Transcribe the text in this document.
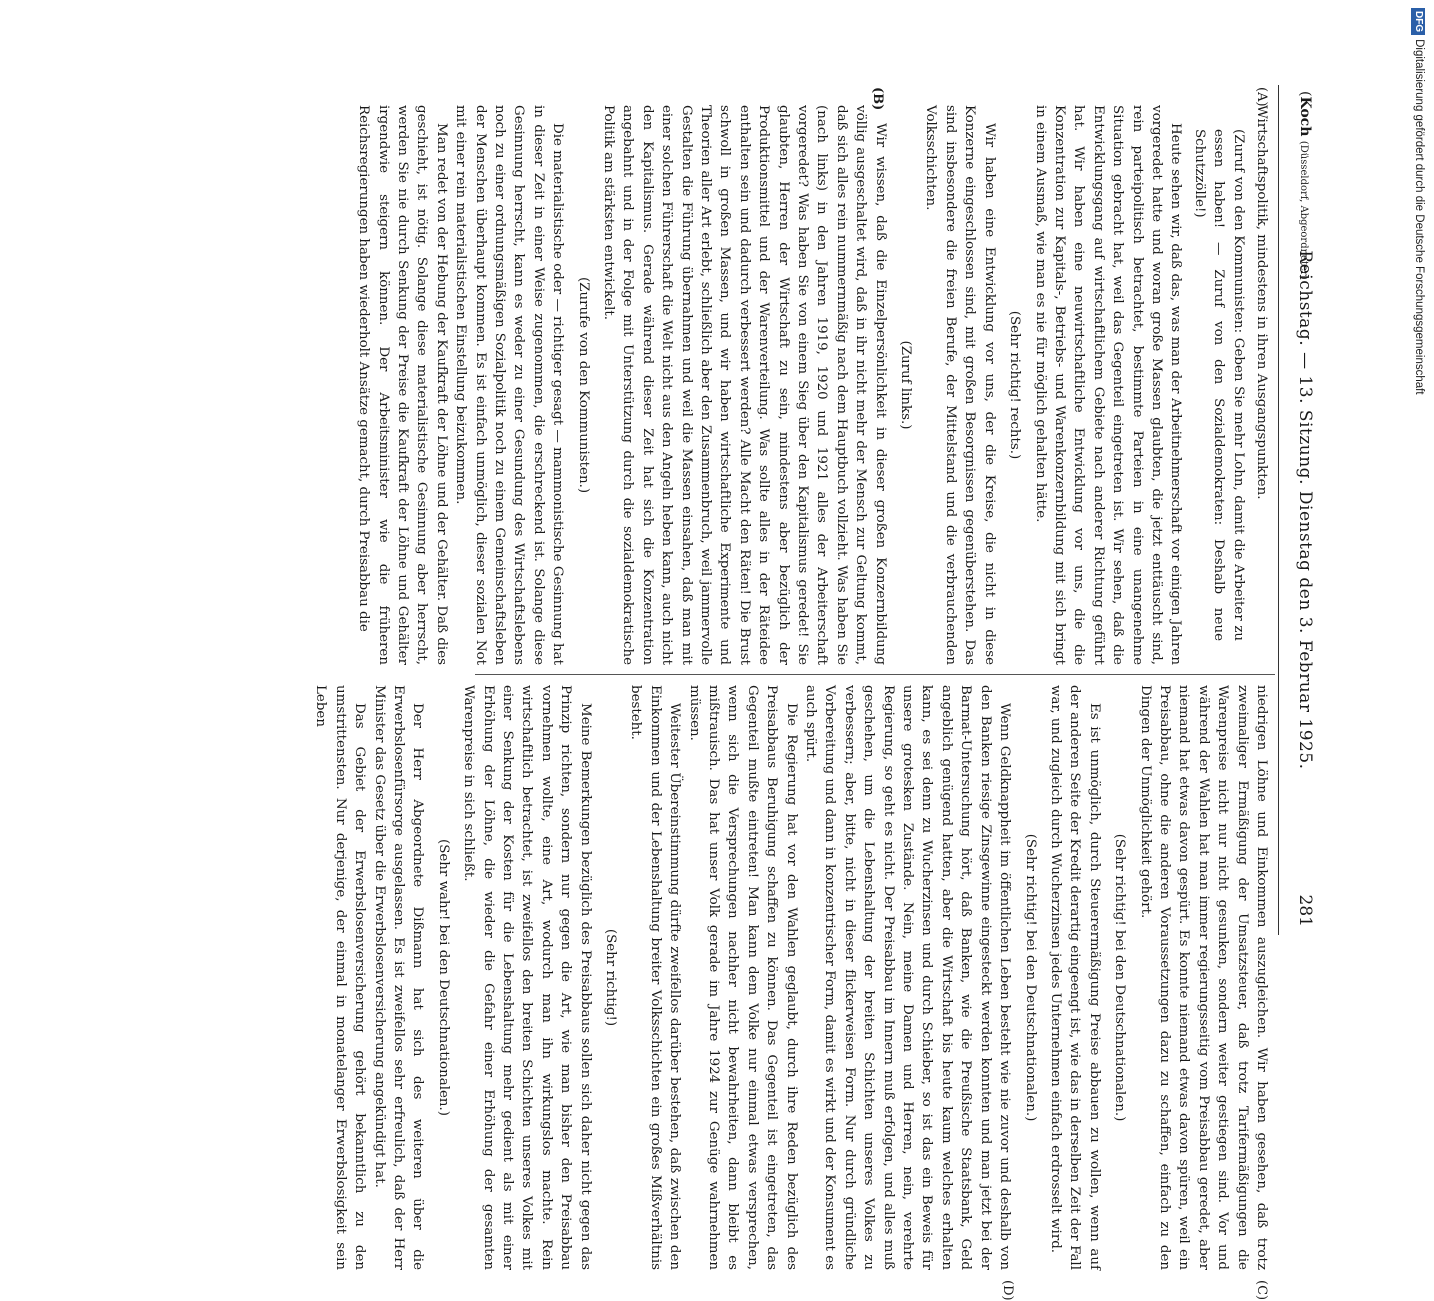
(Koch (Düsseldorf, Abgeordneter)
Reichstag. — 13. Sitzung. Dienstag den 3. Februar 1925.
281
(A)
(B)
(C)
(D)

Wirtschaftspolitik, mindestens in ihren Ausgangspunkten.

(Zuruf von den Kommunisten: Geben Sie mehr Lohn, damit die Arbeiter zu essen haben! — Zuruf von den Sozialdemokraten: Deshalb neue Schutzzölle!)

Heute sehen wir, daß das, was man der Arbeitnehmerschaft vor einigen Jahren vorgeredet hatte und woran große Massen glaubten, die jetzt enttäuscht sind, rein parteipolitisch betrachtet, bestimmte Parteien in eine unangenehme Situation gebracht hat, weil das Gegenteil eingetreten ist. Wir sehen, daß die Entwicklungsgang auf wirtschaftlichem Gebiete nach anderer Richtung geführt hat. Wir haben eine neuwirtschaftliche Entwicklung vor uns, die die Konzentration zur Kapitals-, Betriebs- und Warenkonzernbildung mit sich bringt in einem Ausmaß, wie man es nie für möglich gehalten hätte.

(Sehr richtig! rechts.)

Wir haben eine Entwicklung vor uns, der die Kreise, die nicht in diese Konzerne eingeschlossen sind, mit großen Besorgnissen gegenüberstehen. Das sind insbesondere die freien Berufe, der Mittelstand und die verbrauchenden Volksschichten.

(Zuruf links.)

Wir wissen, daß die Einzelpersönlichkeit in dieser großen Konzernbildung völlig ausgeschaltet wird, daß in ihr nicht mehr der Mensch zur Geltung kommt, daß sich alles rein nummernmäßig nach dem Hauptbuch vollzieht. Was haben Sie (nach links) in den Jahren 1919, 1920 und 1921 alles der Arbeiterschaft vorgeredet? Was haben Sie von einem Sieg über den Kapitalismus geredet! Sie glaubten, Herren der Wirtschaft zu sein, mindestens aber bezüglich der Produktionsmittel und der Warenverteilung. Was sollte alles in der Räteidee enthalten sein und dadurch verbessert werden? Alle Macht den Räten! Die Brust schwoll in großen Massen, und wir haben wirtschaftliche Experimente und Theorien aller Art erlebt, schließlich aber den Zusammenbruch, weil jammervolle Gestalten die Führung übernahmen und weil die Massen einsahen, daß man mit einer solchen Führerschaft die Welt nicht aus den Angeln heben kann, auch nicht den Kapitalismus. Gerade während dieser Zeit hat sich die Konzentration angebahnt und in der Folge mit Unterstützung durch die sozialdemokratische Politik am stärksten entwickelt.

(Zurufe von den Kommunisten.)

Die materialistische oder — richtiger gesagt — mammonistische Gesinnung hat in dieser Zeit in einer Weise zugenommen, die erschreckend ist. Solange diese Gesinnung herrscht, kann es weder zu einer Gesundung des Wirtschaftslebens noch zu einer ordnungsmäßigen Sozialpolitik noch zu einem Gemeinschaftsleben der Menschen überhaupt kommen. Es ist einfach unmöglich, dieser sozialen Not mit einer rein materialistischen Einstellung beizukommen.

Man redet von der Hebung der Kaufkraft der Löhne und der Gehälter. Daß dies geschieht, ist nötig. Solange diese materialistische Gesinnung aber herrscht, werden Sie nie durch Senkung der Preise die Kaufkraft der Löhne und Gehälter irgendwie steigern können. Der Arbeitsminister wie die früheren Reichsregierungen haben wiederholt Ansätze gemacht, durch Preisabbau die

niedrigen Löhne und Einkommen auszugleichen. Wir haben gesehen, daß trotz zweimaliger Ermäßigung der Umsatzsteuer, daß trotz Tarifermäßigungen die Warenpreise nicht nur nicht gesunken, sondern weiter gestiegen sind. Vor und während der Wahlen hat man immer regierungsseitig vom Preisabbau geredet, aber niemand hat etwas davon gespürt. Es konnte niemand etwas davon spüren, weil ein Preisabbau, ohne die anderen Voraussetzungen dazu zu schaffen, einfach zu den Dingen der Unmöglichkeit gehört.

(Sehr richtig! bei den Deutschnationalen.)

Es ist unmöglich, durch Steuerermäßigung Preise abbauen zu wollen, wenn auf der anderen Seite der Kredit derartig eingeengt ist, wie das in derselben Zeit der Fall war, und zugleich durch Wucherzinsen jedes Unternehmen einfach erdrosselt wird.

(Sehr richtig! bei den Deutschnationalen.)

Wenn Geldknappheit im öffentlichen Leben besteht wie nie zuvor und deshalb von den Banken riesige Zinsgewinne eingesteckt werden konnten und man jetzt bei der Barmat-Untersuchung hört, daß Banken, wie die Preußische Staatsbank, Geld angeblich genügend hatten, aber die Wirtschaft bis heute kaum welches erhalten kann, es sei denn zu Wucherzinsen und durch Schieber, so ist das ein Beweis für unsere grotesken Zustände. Nein, meine Damen und Herren, nein, verehrte Regierung, so geht es nicht. Der Preisabbau im Innern muß erfolgen, und alles muß geschehen, um die Lebenshaltung der breiten Schichten unseres Volkes zu verbessern; aber, bitte, nicht in dieser flickerweisen Form. Nur durch gründliche Vorbereitung und dann in konzentrischer Form, damit es wirkt und der Konsument es auch spürt.

Die Regierung hat vor den Wahlen geglaubt, durch ihre Reden bezüglich des Preisabbaus Beruhigung schaffen zu können. Das Gegenteil ist eingetreten, das Gegenteil mußte eintreten! Man kann dem Volke nur einmal etwas versprechen, wenn sich die Versprechungen nachher nicht bewahrheiten, dann bleibt es mißtrauisch. Das hat unser Volk gerade im Jahre 1924 zur Genüge wahrnehmen müssen.

Weitester Übereinstimmung dürfte zweifellos darüber bestehen, daß zwischen den Einkommen und der Lebenshaltung breiter Volksschichten ein großes Mißverhältnis besteht.

(Sehr richtig!)

Meine Bemerkungen bezüglich des Preisabbaus sollen sich daher nicht gegen das Prinzip richten, sondern nur gegen die Art, wie man bisher den Preisabbau vornehmen wollte, eine Art, wodurch man ihn wirkungslos machte. Rein wirtschaftlich betrachtet, ist zweifellos den breiten Schichten unseres Volkes mit einer Senkung der Kosten für die Lebenshaltung mehr gedient als mit einer Erhöhung der Löhne, die wieder die Gefahr einer Erhöhung der gesamten Warenpreise in sich schließt.

(Sehr wahr! bei den Deutschnationalen.)

Der Herr Abgeordnete Dißmann hat sich des weiteren über die Erwerbslosenfürsorge ausgelassen. Es ist zweifellos sehr erfreulich, daß der Herr Minister das Gesetz über die Erwerbslosenversicherung angekündigt hat.

Das Gebiet der Erwerbslosenversicherung gehört bekanntlich zu den umstrittensten. Nur derjenige, der einmal in monatelanger Erwerbslosigkeit sein Leben

DFGDigitalisierung gefördert durch die Deutsche Forschungsgemeinschaft
